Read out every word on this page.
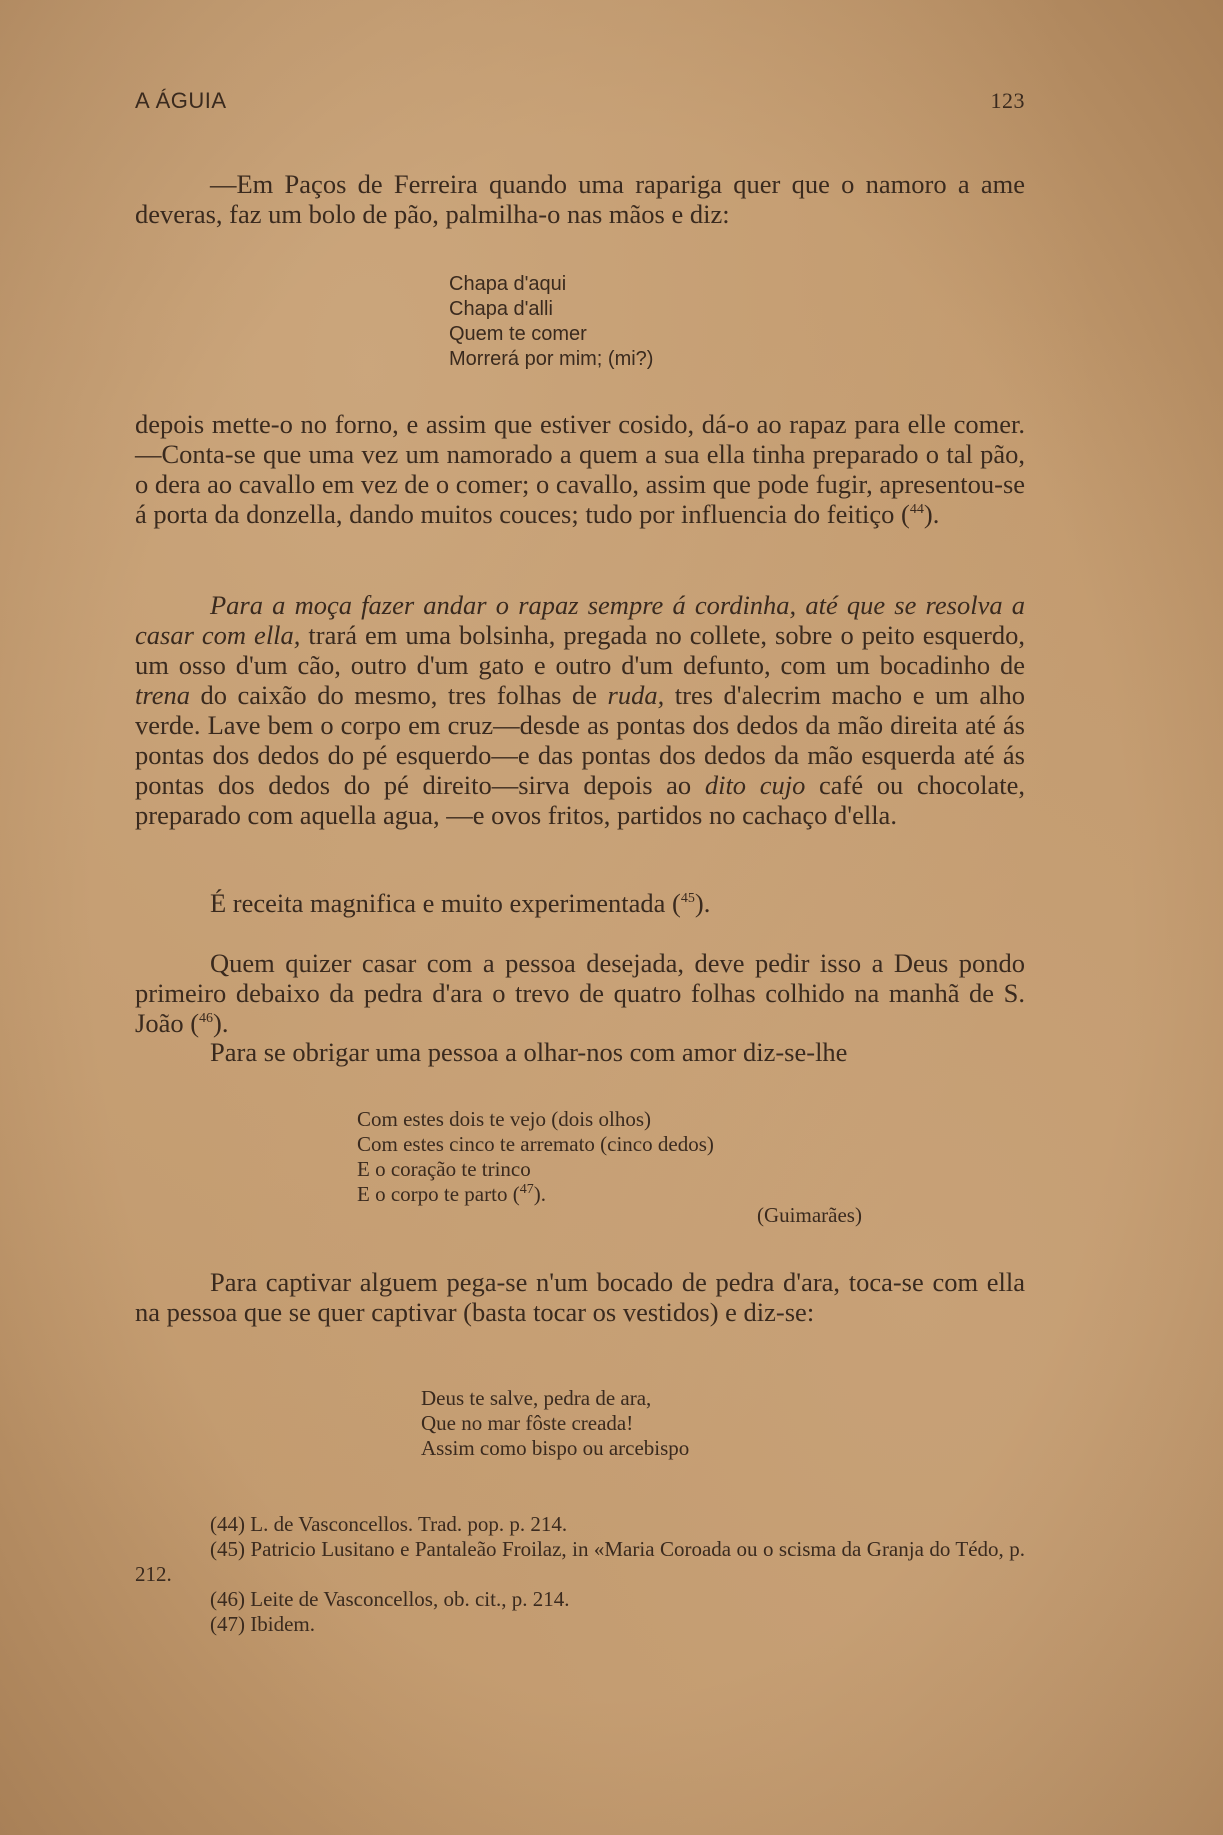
A ÁGUIA	123
—Em Paços de Ferreira quando uma rapariga quer que o namoro a ame deveras, faz um bolo de pão, palmilha-o nas mãos e diz:
Chapa d'aqui
Chapa d'alli
Quem te comer
Morrerá por mim; (mi?)
depois mette-o no forno, e assim que estiver cosido, dá-o ao rapaz para elle comer. —Conta-se que uma vez um namorado a quem a sua ella tinha preparado o tal pão, o dera ao cavallo em vez de o comer; o cavallo, assim que pode fugir, apresentou-se á porta da donzella, dando muitos couces; tudo por influencia do feitiço ($^{44}$).
Para a moça fazer andar o rapaz sempre á cordinha, até que se resolva a casar com ella, trará em uma bolsinha, pregada no collete, sobre o peito esquerdo, um osso d'um cão, outro d'um gato e outro d'um defunto, com um bocadinho de trena do caixão do mesmo, tres folhas de ruda, tres d'alecrim macho e um alho verde. Lave bem o corpo em cruz—desde as pontas dos dedos da mão direita até ás pontas dos dedos do pé esquerdo—e das pontas dos dedos da mão esquerda até ás pontas dos dedos do pé direito—sirva depois ao dito cujo café ou chocolate, preparado com aquella agua, —e ovos fritos, partidos no cachaço d'ella.
É receita magnifica e muito experimentada ($^{45}$).
Quem quizer casar com a pessoa desejada, deve pedir isso a Deus pondo primeiro debaixo da pedra d'ara o trevo de quatro folhas colhido na manhã de S. João ($^{46}$).
Para se obrigar uma pessoa a olhar-nos com amor diz-se-lhe
Com estes dois te vejo (dois olhos)
Com estes cinco te arremato (cinco dedos)
E o coração te trinco
E o corpo te parto ($^{47}$).
(Guimarães)
Para captivar alguem pega-se n'um bocado de pedra d'ara, toca-se com ella na pessoa que se quer captivar (basta tocar os vestidos) e diz-se:
Deus te salve, pedra de ara,
Que no mar fôste creada!
Assim como bispo ou arcebispo
(44) L. de Vasconcellos. Trad. pop. p. 214.
(45) Patricio Lusitano e Pantaleão Froilaz, in «Maria Coroada ou o scisma da Granja do Tédo, p. 212.
(46) Leite de Vasconcellos, ob. cit., p. 214.
(47) Ibidem.
